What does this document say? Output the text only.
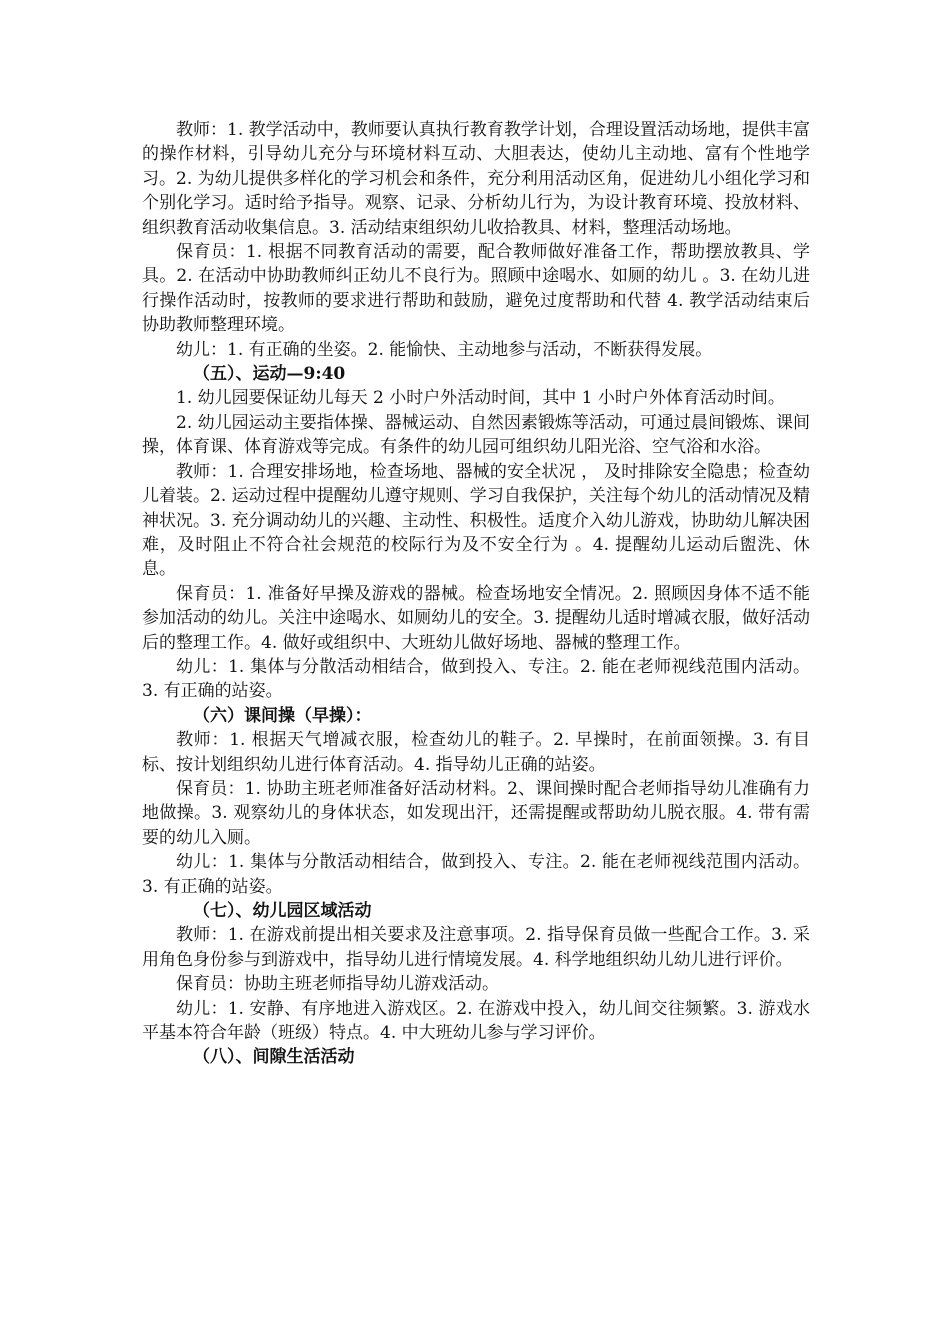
教师：1. 教学活动中，教师要认真执行教育教学计划，合理设置活动场地，提供丰富的操作材料，引导幼儿充分与环境材料互动、大胆表达，使幼儿主动地、富有个性地学习。2. 为幼儿提供多样化的学习机会和条件，充分利用活动区角，促进幼儿小组化学习和个别化学习。适时给予指导。观察、记录、分析幼儿行为，为设计教育环境、投放材料、组织教育活动收集信息。3. 活动结束组织幼儿收拾教具、材料，整理活动场地。

保育员：1. 根据不同教育活动的需要，配合教师做好准备工作，帮助摆放教具、学具。2. 在活动中协助教师纠正幼儿不良行为。照顾中途喝水、如厕的幼儿 。3. 在幼儿进行操作活动时，按教师的要求进行帮助和鼓励，避免过度帮助和代替 4. 教学活动结束后协助教师整理环境。

幼儿：1. 有正确的坐姿。2. 能愉快、主动地参与活动，不断获得发展。

（五）、运动—9:40

1. 幼儿园要保证幼儿每天 2 小时户外活动时间，其中 1 小时户外体育活动时间。

2. 幼儿园运动主要指体操、器械运动、自然因素锻炼等活动，可通过晨间锻炼、课间操，体育课、体育游戏等完成。有条件的幼儿园可组织幼儿阳光浴、空气浴和水浴。

教师：1. 合理安排场地，检查场地、器械的安全状况 ， 及时排除安全隐患；检查幼儿着装。2. 运动过程中提醒幼儿遵守规则、学习自我保护，关注每个幼儿的活动情况及精神状况。3. 充分调动幼儿的兴趣、主动性、积极性。适度介入幼儿游戏，协助幼儿解决困难，及时阻止不符合社会规范的校际行为及不安全行为 。4. 提醒幼儿运动后盥洗、休息。

保育员：1. 准备好早操及游戏的器械。检查场地安全情况。2. 照顾因身体不适不能参加活动的幼儿。关注中途喝水、如厕幼儿的安全。3. 提醒幼儿适时增减衣服，做好活动后的整理工作。4. 做好或组织中、大班幼儿做好场地、器械的整理工作。

幼儿：1. 集体与分散活动相结合，做到投入、专注。2. 能在老师视线范围内活动。3. 有正确的站姿。

（六）课间操（早操）：

教师：1. 根据天气增减衣服，检查幼儿的鞋子。2. 早操时，在前面领操。3. 有目标、按计划组织幼儿进行体育活动。4. 指导幼儿正确的站姿。

保育员：1. 协助主班老师准备好活动材料。2、课间操时配合老师指导幼儿准确有力地做操。3. 观察幼儿的身体状态，如发现出汗，还需提醒或帮助幼儿脱衣服。4. 带有需要的幼儿入厕。

幼儿：1. 集体与分散活动相结合，做到投入、专注。2. 能在老师视线范围内活动。3. 有正确的站姿。

（七）、幼儿园区域活动

教师：1. 在游戏前提出相关要求及注意事项。2. 指导保育员做一些配合工作。3. 采用角色身份参与到游戏中，指导幼儿进行情境发展。4. 科学地组织幼儿幼儿进行评价。

保育员：协助主班老师指导幼儿游戏活动。

幼儿：1. 安静、有序地进入游戏区。2. 在游戏中投入，幼儿间交往频繁。3. 游戏水平基本符合年龄（班级）特点。4. 中大班幼儿参与学习评价。

（八）、间隙生活活动
